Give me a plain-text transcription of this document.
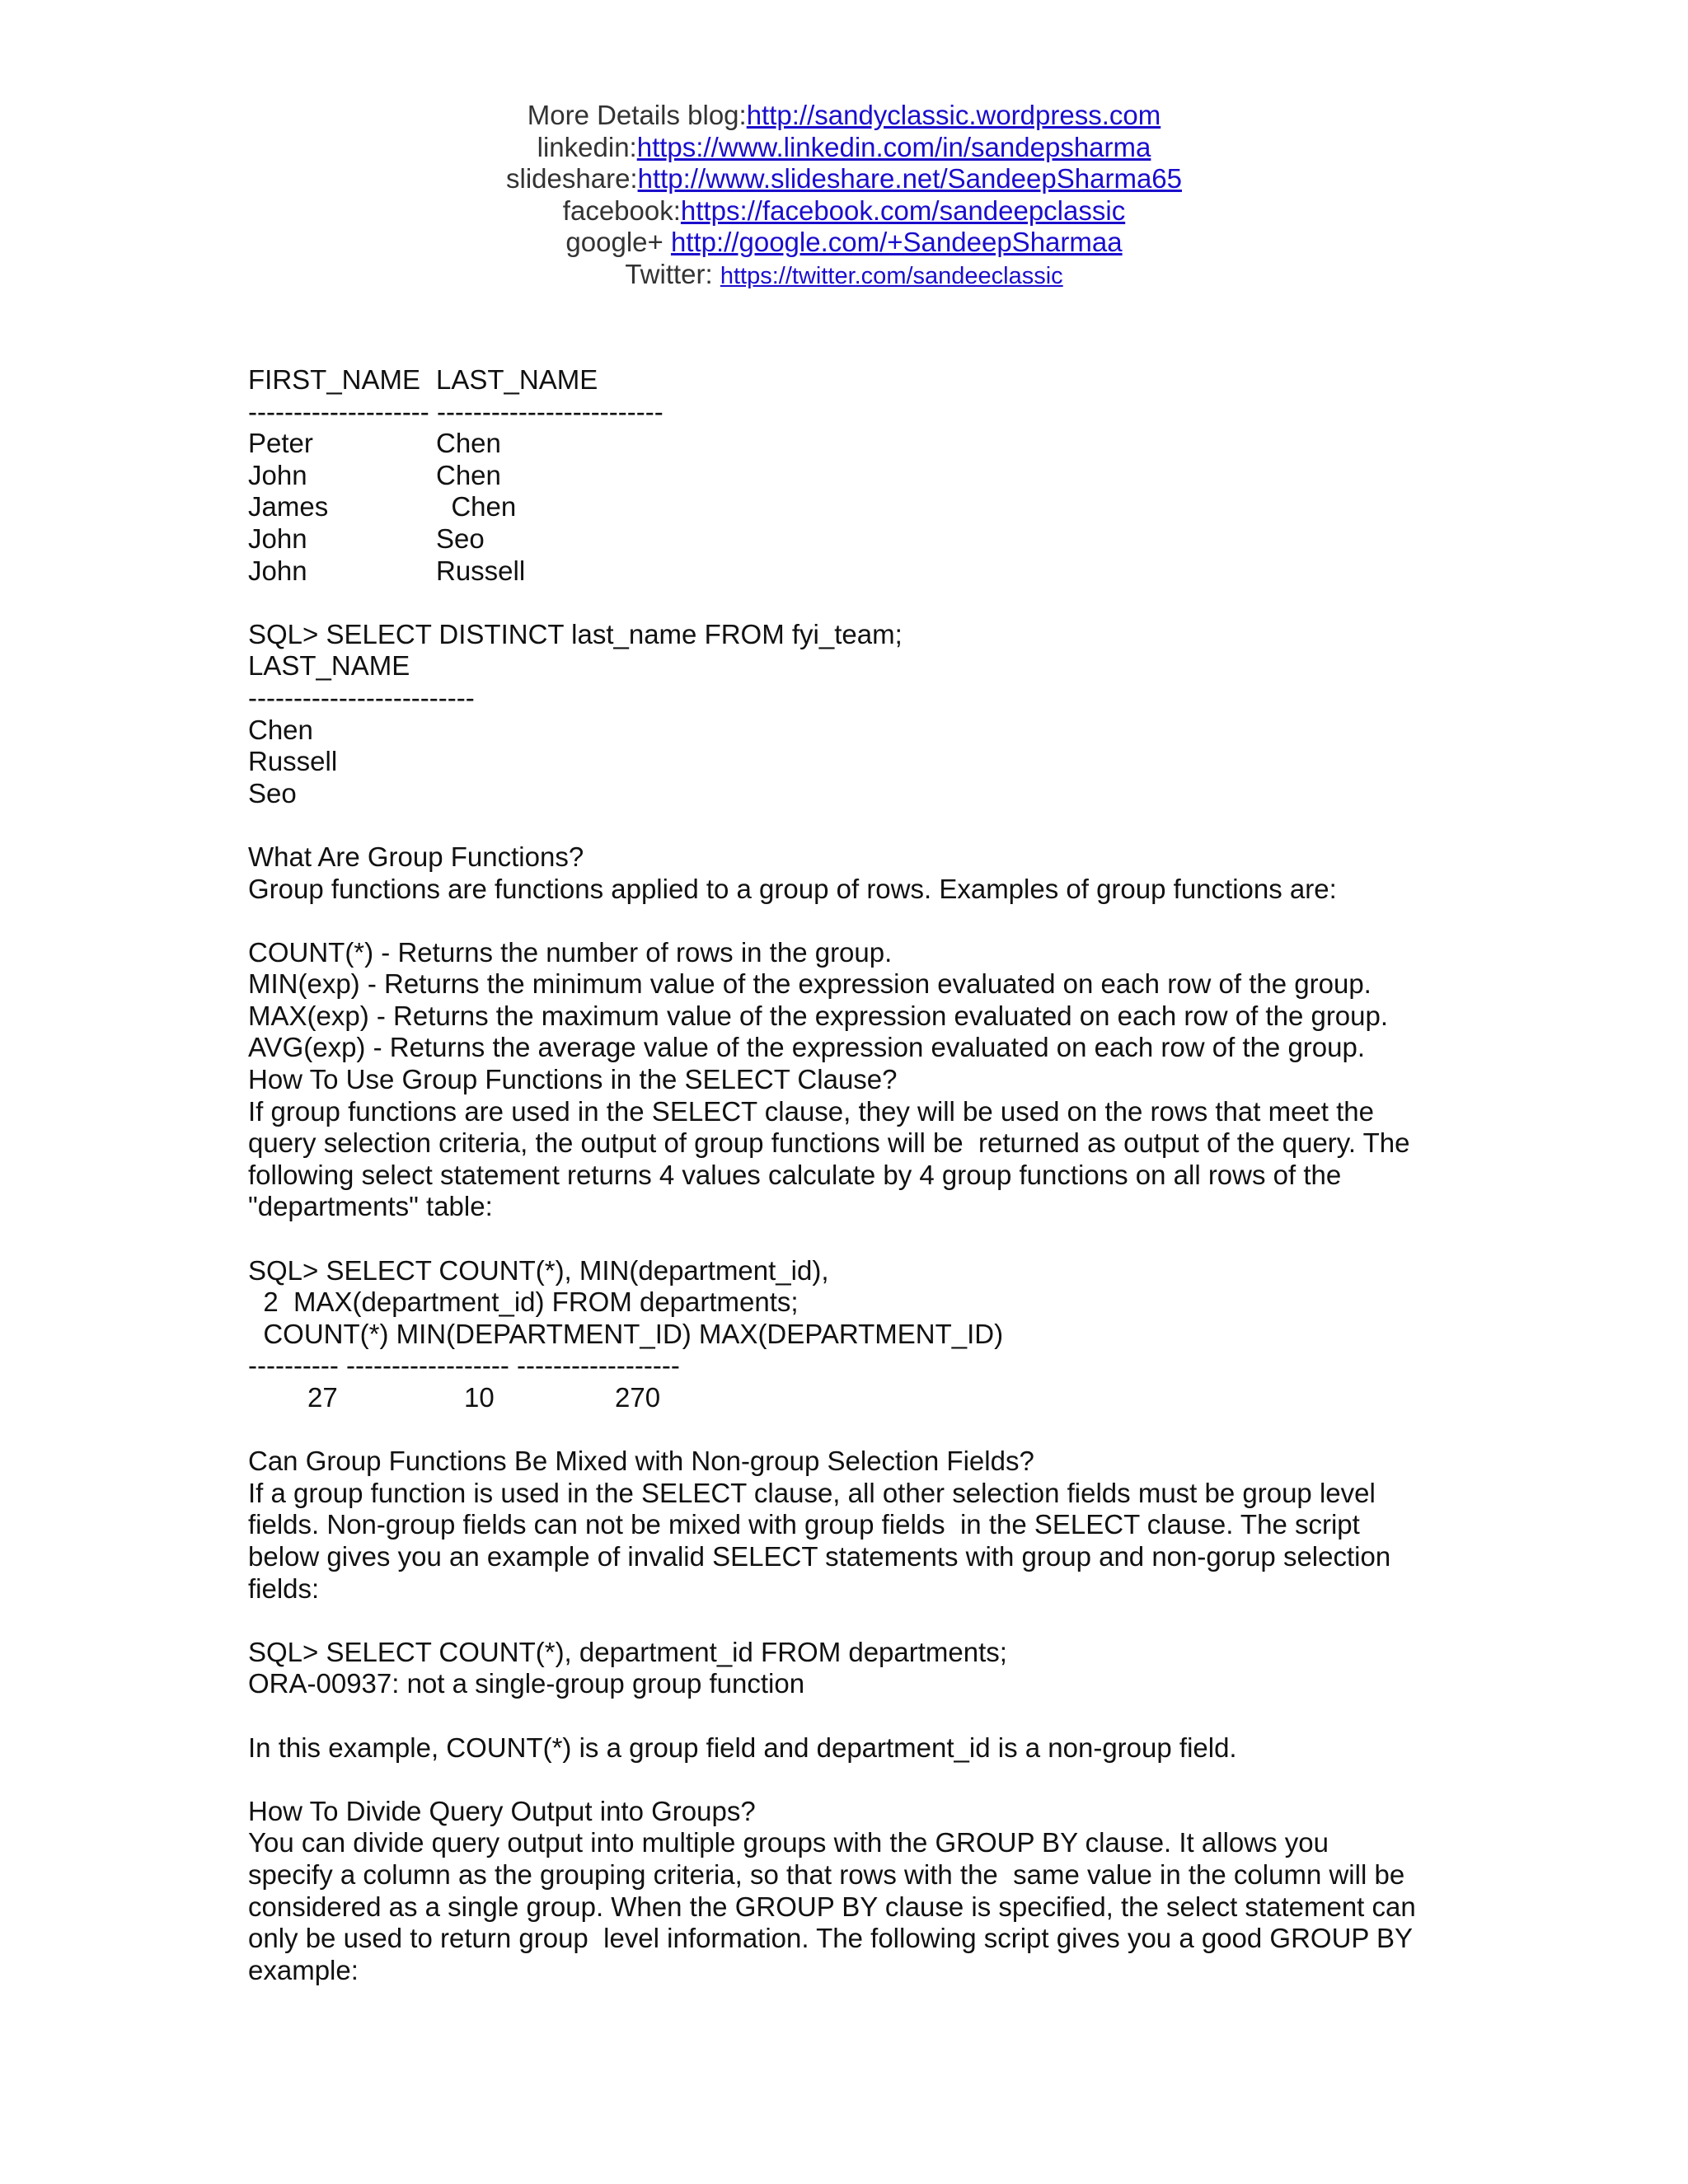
More Details blog:http://sandyclassic.wordpress.com
linkedin:https://www.linkedin.com/in/sandepsharma
slideshare:http://www.slideshare.net/SandeepSharma65
facebook:https://facebook.com/sandeepclassic
google+ http://google.com/+SandeepSharmaa
Twitter: https://twitter.com/sandeeclassic
FIRST_NAME LAST_NAME
-------------------- -------------------------
Peter	Chen
John	Chen
James	Chen
John	Seo
John	Russell
SQL> SELECT DISTINCT last_name FROM fyi_team;
LAST_NAME
-------------------------
Chen
Russell
Seo
What Are Group Functions?
Group functions are functions applied to a group of rows. Examples of group functions are:
COUNT(*) - Returns the number of rows in the group.
MIN(exp) - Returns the minimum value of the expression evaluated on each row of the group.
MAX(exp) - Returns the maximum value of the expression evaluated on each row of the group.
AVG(exp) - Returns the average value of the expression evaluated on each row of the group.
How To Use Group Functions in the SELECT Clause?
If group functions are used in the SELECT clause, they will be used on the rows that meet the
query selection criteria, the output of group functions will be  returned as output of the query. The
following select statement returns 4 values calculate by 4 group functions on all rows of the
"departments" table:
SQL> SELECT COUNT(*), MIN(department_id),
2  MAX(department_id) FROM departments;
COUNT(*) MIN(DEPARTMENT_ID) MAX(DEPARTMENT_ID)
---------- ------------------ ------------------
27	10	270
Can Group Functions Be Mixed with Non-group Selection Fields?
If a group function is used in the SELECT clause, all other selection fields must be group level
fields. Non-group fields can not be mixed with group fields  in the SELECT clause. The script
below gives you an example of invalid SELECT statements with group and non-gorup selection
fields:
SQL> SELECT COUNT(*), department_id FROM departments;
ORA-00937: not a single-group group function
In this example, COUNT(*) is a group field and department_id is a non-group field.
How To Divide Query Output into Groups?
You can divide query output into multiple groups with the GROUP BY clause. It allows you
specify a column as the grouping criteria, so that rows with the  same value in the column will be
considered as a single group. When the GROUP BY clause is specified, the select statement can
only be used to return group  level information. The following script gives you a good GROUP BY
example:
